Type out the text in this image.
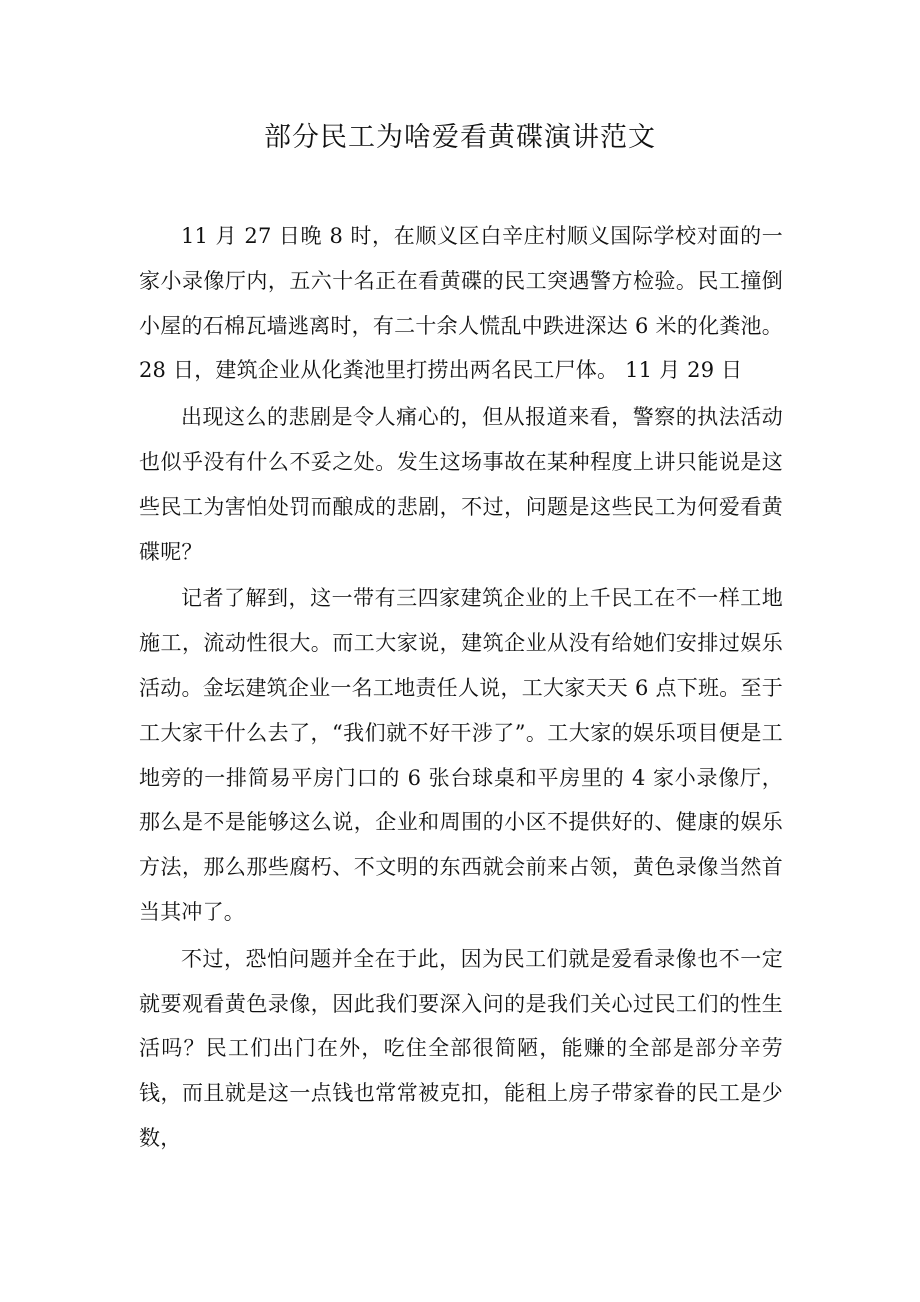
部分民工为啥爱看黄碟演讲范文

11 月 27 日晚 8 时，在顺义区白辛庄村顺义国际学校对面的一家小录像厅内，五六十名正在看黄碟的民工突遇警方检验。民工撞倒小屋的石棉瓦墙逃离时，有二十余人慌乱中跌进深达 6 米的化粪池。28 日，建筑企业从化粪池里打捞出两名民工尸体。 11 月 29 日

出现这么的悲剧是令人痛心的，但从报道来看，警察的执法活动也似乎没有什么不妥之处。发生这场事故在某种程度上讲只能说是这些民工为害怕处罚而酿成的悲剧，不过，问题是这些民工为何爱看黄碟呢？

记者了解到，这一带有三四家建筑企业的上千民工在不一样工地施工，流动性很大。而工大家说，建筑企业从没有给她们安排过娱乐活动。金坛建筑企业一名工地责任人说，工大家天天 6 点下班。至于工大家干什么去了，“我们就不好干涉了”。工大家的娱乐项目便是工地旁的一排简易平房门口的 6 张台球桌和平房里的 4 家小录像厅，那么是不是能够这么说，企业和周围的小区不提供好的、健康的娱乐方法，那么那些腐朽、不文明的东西就会前来占领，黄色录像当然首当其冲了。

不过，恐怕问题并全在于此，因为民工们就是爱看录像也不一定就要观看黄色录像，因此我们要深入问的是我们关心过民工们的性生活吗？民工们出门在外，吃住全部很简陋，能赚的全部是部分辛劳钱，而且就是这一点钱也常常被克扣，能租上房子带家眷的民工是少数，
